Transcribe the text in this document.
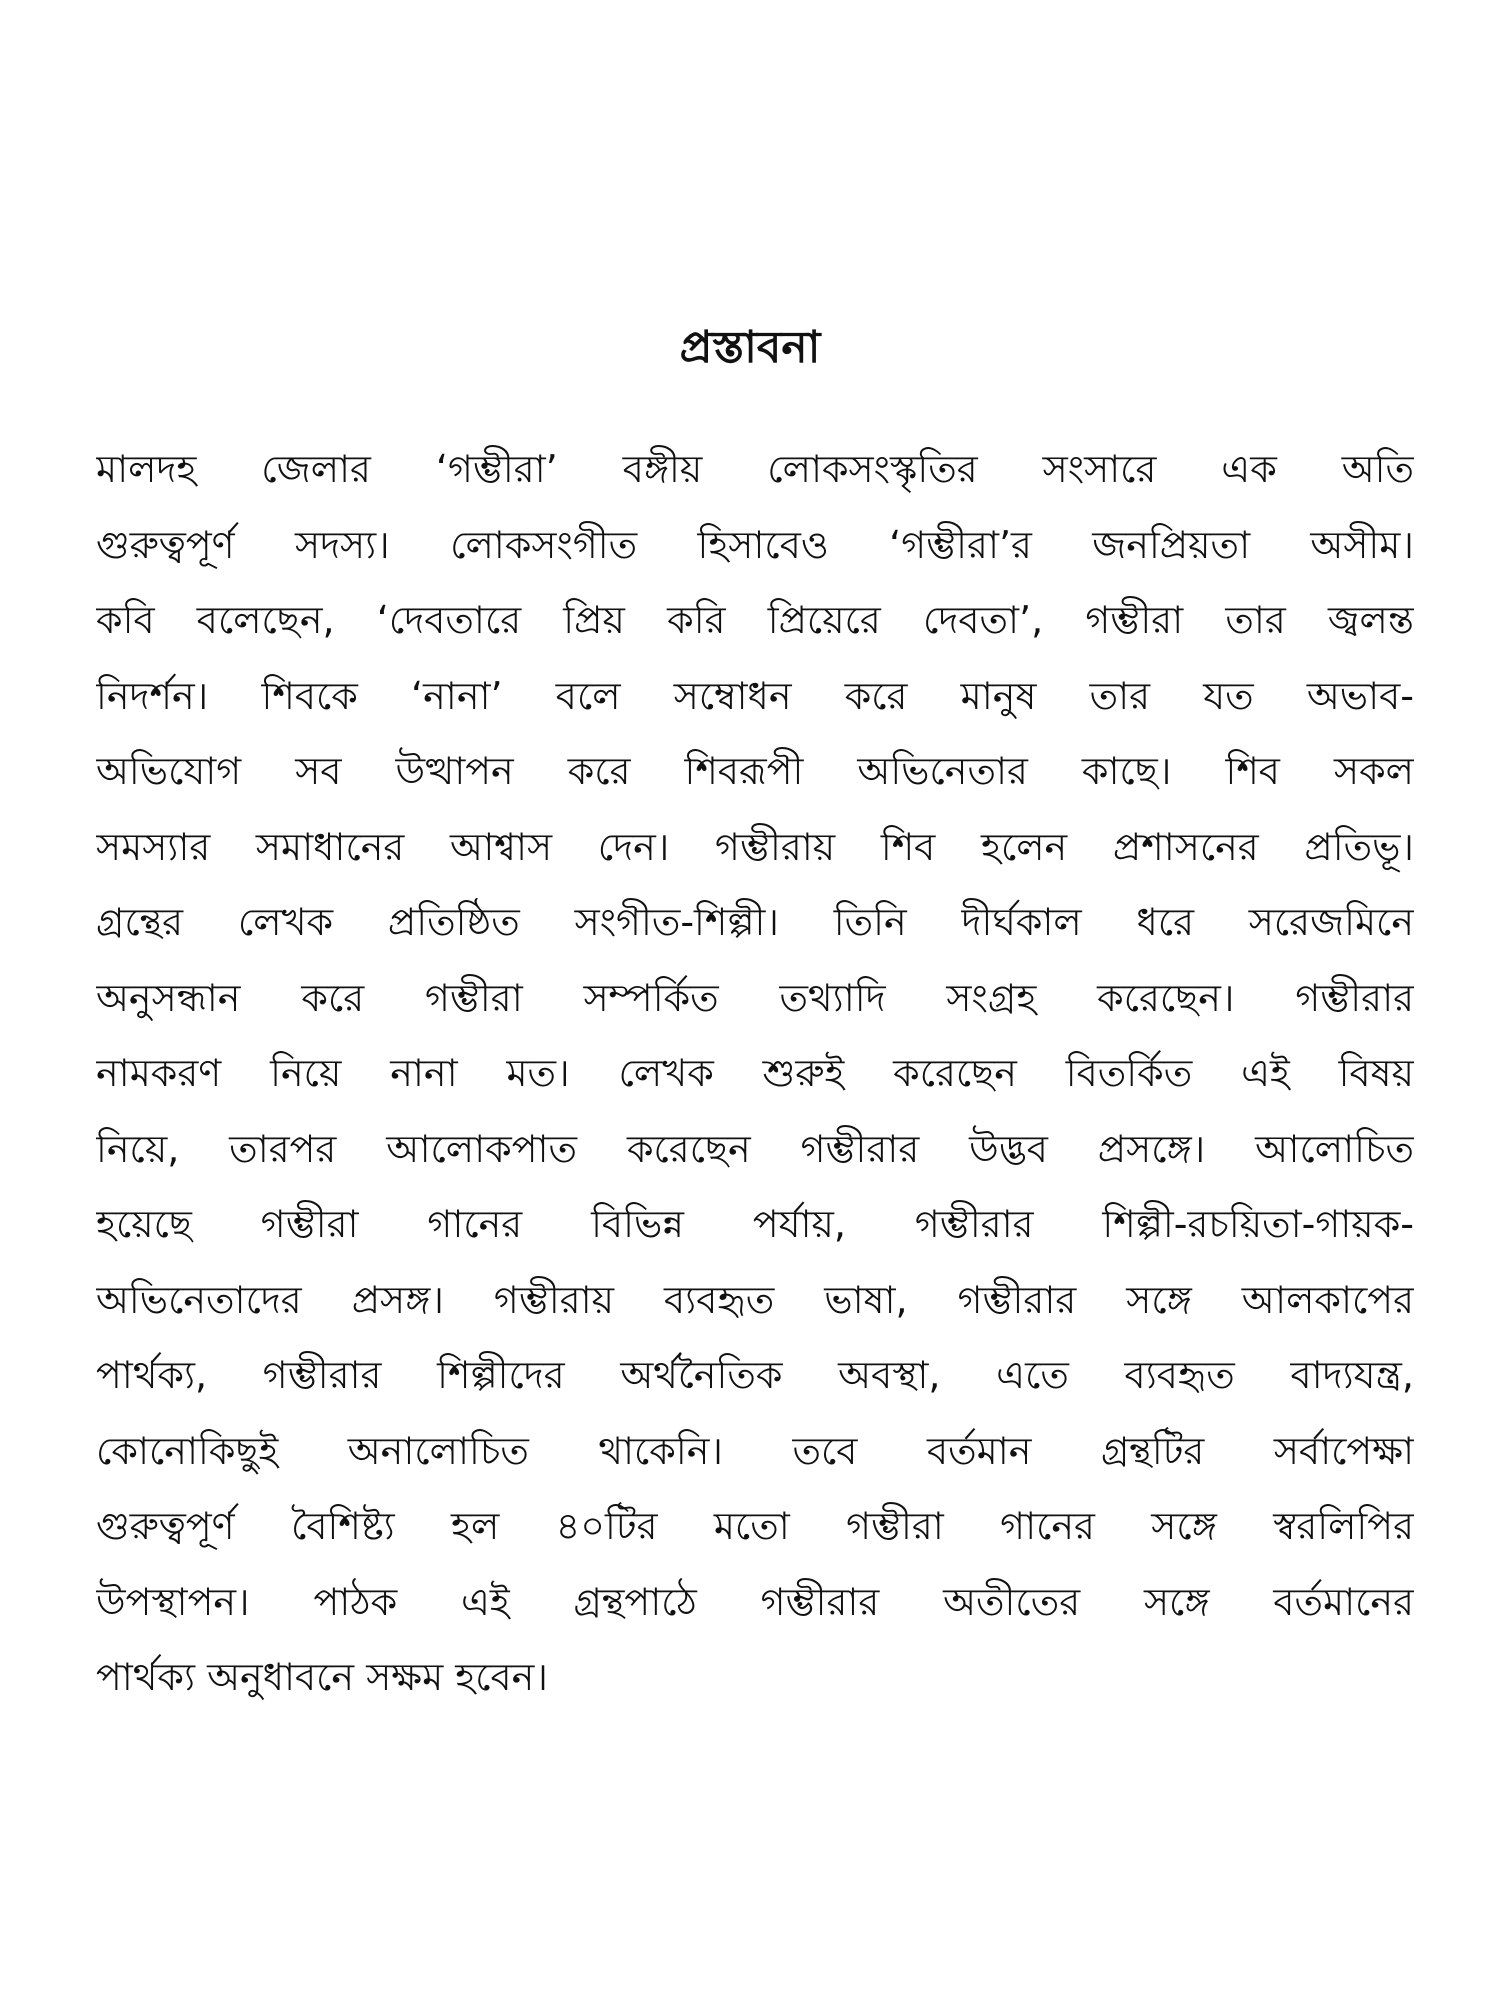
প্রস্তাবনা
মালদহ জেলার ‘গম্ভীরা’ বঙ্গীয় লোকসংস্কৃতির সংসারে এক অতি
গুরুত্বপূর্ণ সদস্য। লোকসংগীত হিসাবেও ‘গম্ভীরা’র জনপ্রিয়তা অসীম।
কবি বলেছেন, ‘দেবতারে প্রিয় করি প্রিয়েরে দেবতা’, গম্ভীরা তার জ্বলন্ত
নিদর্শন। শিবকে ‘নানা’ বলে সম্বোধন করে মানুষ তার যত অভাব-
অভিযোগ সব উত্থাপন করে শিবরূপী অভিনেতার কাছে। শিব সকল
সমস্যার সমাধানের আশ্বাস দেন। গম্ভীরায় শিব হলেন প্রশাসনের প্রতিভূ।
গ্রন্থের লেখক প্রতিষ্ঠিত সংগীত-শিল্পী। তিনি দীর্ঘকাল ধরে সরেজমিনে
অনুসন্ধান করে গম্ভীরা সম্পর্কিত তথ্যাদি সংগ্রহ করেছেন। গম্ভীরার
নামকরণ নিয়ে নানা মত। লেখক শুরুই করেছেন বিতর্কিত এই বিষয়
নিয়ে, তারপর আলোকপাত করেছেন গম্ভীরার উদ্ভব প্রসঙ্গে। আলোচিত
হয়েছে গম্ভীরা গানের বিভিন্ন পর্যায়, গম্ভীরার শিল্পী-রচয়িতা-গায়ক-
অভিনেতাদের প্রসঙ্গ। গম্ভীরায় ব্যবহৃত ভাষা, গম্ভীরার সঙ্গে আলকাপের
পার্থক্য, গম্ভীরার শিল্পীদের অর্থনৈতিক অবস্থা, এতে ব্যবহৃত বাদ্যযন্ত্র,
কোনোকিছুই অনালোচিত থাকেনি। তবে বর্তমান গ্রন্থটির সর্বাপেক্ষা
গুরুত্বপূর্ণ বৈশিষ্ট্য হল ৪০টির মতো গম্ভীরা গানের সঙ্গে স্বরলিপির
উপস্থাপন। পাঠক এই গ্রন্থপাঠে গম্ভীরার অতীতের সঙ্গে বর্তমানের
পার্থক্য অনুধাবনে সক্ষম হবেন।
